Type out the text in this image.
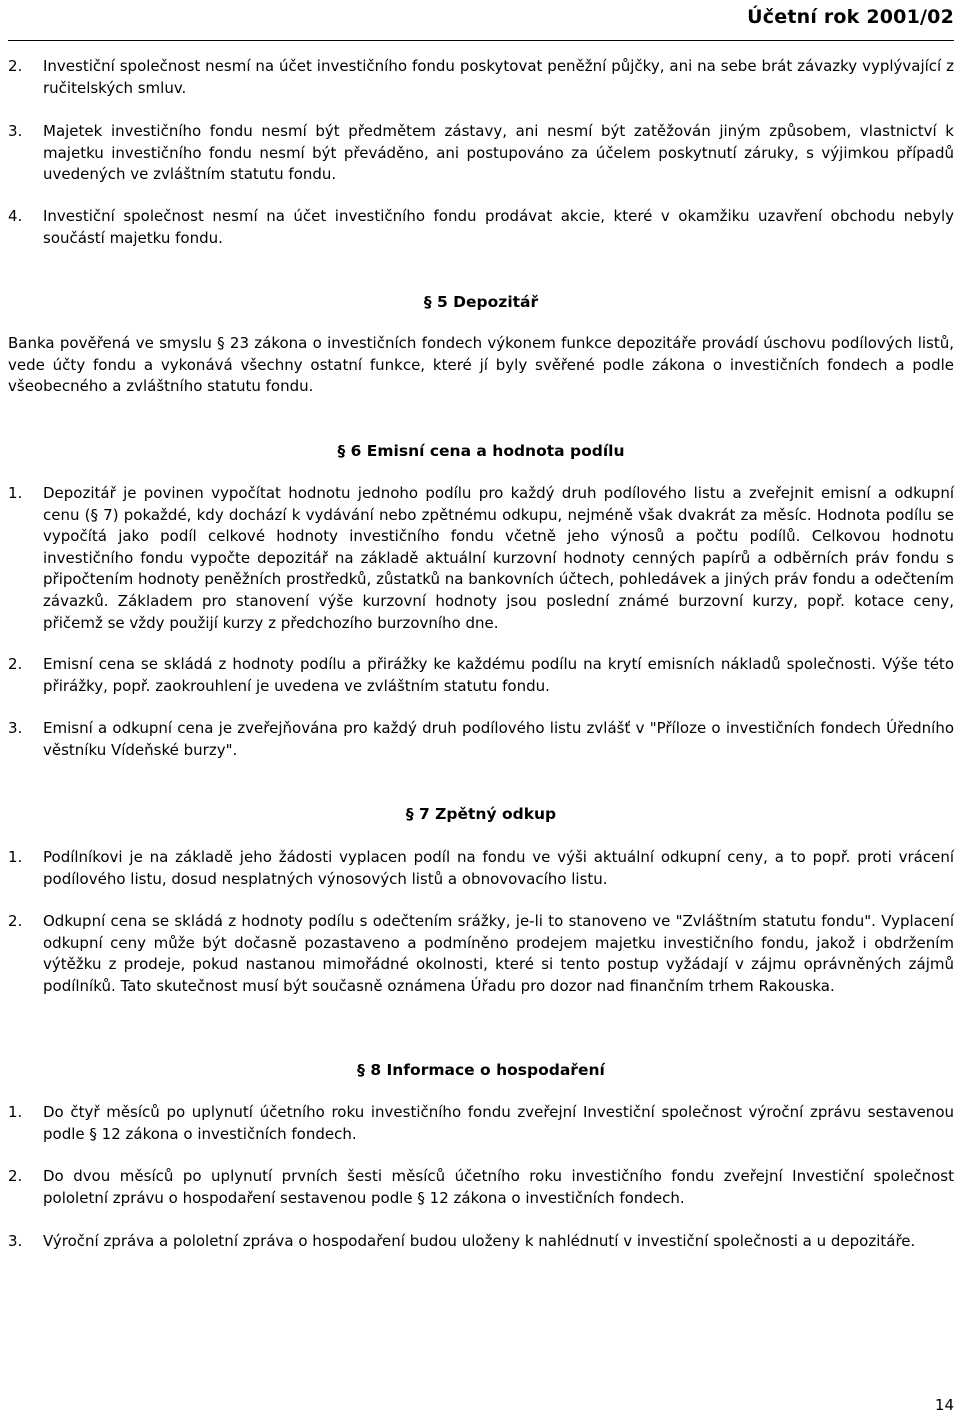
Účetní rok 2001/02
2.	Investiční společnost nesmí na účet investičního fondu poskytovat peněžní půjčky, ani na sebe brát závazky vyplývající z ručitelských smluv.
3.	Majetek investičního fondu nesmí být předmětem zástavy, ani nesmí být zatěžován jiným způsobem, vlastnictví k majetku investičního fondu nesmí být převáděno, ani postupováno za účelem poskytnutí záruky, s výjimkou případů uvedených ve zvláštním statutu fondu.
4.	Investiční společnost nesmí na účet investičního fondu prodávat akcie, které v okamžiku uzavření obchodu nebyly součástí majetku fondu.
§ 5 Depozitář
Banka pověřená ve smyslu § 23 zákona o investičních fondech výkonem funkce depozitáře provádí úschovu podílových listů, vede účty fondu a vykonává všechny ostatní funkce, které jí byly svěřené podle zákona o investičních fondech a podle všeobecného a zvláštního statutu fondu.
§ 6 Emisní cena a hodnota podílu
1.	Depozitář je povinen vypočítat hodnotu jednoho podílu pro každý druh podílového listu a zveřejnit emisní a odkupní cenu (§ 7) pokaždé, kdy dochází k vydávání nebo zpětnému odkupu, nejméně však dvakrát za měsíc. Hodnota podílu se vypočítá jako podíl celkové hodnoty investičního fondu včetně jeho výnosů a počtu podílů. Celkovou hodnotu investičního fondu vypočte depozitář na základě aktuální kurzovní hodnoty cenných papírů a odběrních práv fondu s připočtením hodnoty peněžních prostředků, zůstatků na bankovních účtech, pohledávek a jiných práv fondu a odečtením závazků. Základem pro stanovení výše kurzovní hodnoty jsou poslední známé burzovní kurzy, popř. kotace ceny, přičemž se vždy použijí kurzy z předchozího burzovního dne.
2.	Emisní cena se skládá z hodnoty podílu a přirážky ke každému podílu na krytí emisních nákladů společnosti. Výše této přirážky, popř. zaokrouhlení je uvedena ve zvláštním statutu fondu.
3.	Emisní a odkupní cena je zveřejňována pro každý druh podílového listu zvlášť v "Příloze o investičních fondech Úředního věstníku Vídeňské burzy".
§ 7 Zpětný odkup
1.	Podílníkovi je na základě jeho žádosti vyplacen podíl na fondu ve výši aktuální odkupní ceny, a to popř. proti vrácení podílového listu, dosud nesplatných výnosových listů a obnovovacího listu.
2.	Odkupní cena se skládá z hodnoty podílu s odečtením srážky, je-li to stanoveno ve "Zvláštním statutu fondu". Vyplacení odkupní ceny může být dočasně pozastaveno a podmíněno prodejem majetku investičního fondu, jakož i obdržením výtěžku z prodeje, pokud nastanou mimořádné okolnosti, které si tento postup vyžádají v zájmu oprávněných zájmů podílníků. Tato skutečnost musí být současně oznámena Úřadu pro dozor nad finančním trhem Rakouska.
§ 8 Informace o hospodaření
1.	Do čtyř měsíců po uplynutí účetního roku investičního fondu zveřejní Investiční společnost výroční zprávu sestavenou podle § 12 zákona o investičních fondech.
2.	Do dvou měsíců po uplynutí prvních šesti měsíců účetního roku investičního fondu zveřejní Investiční společnost pololetní zprávu o hospodaření sestavenou podle § 12 zákona o investičních fondech.
3.	Výroční zpráva a pololetní zpráva o hospodaření budou uloženy k nahlédnutí v investiční společnosti a u depozitáře.
14
